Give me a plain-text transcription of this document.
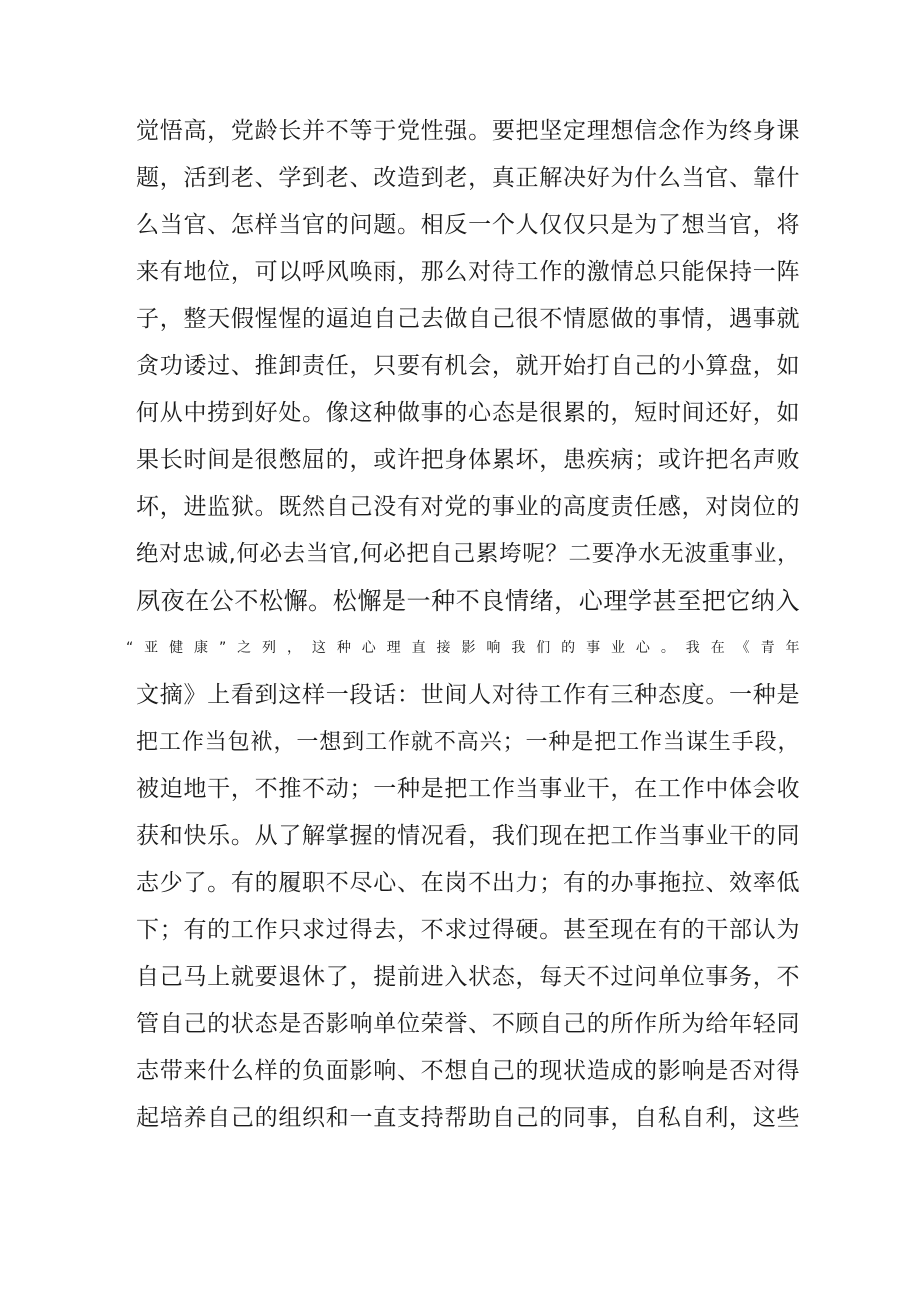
觉悟高，党龄长并不等于党性强。要把坚定理想信念作为终身课
题，活到老、学到老、改造到老，真正解决好为什么当官、靠什
么当官、怎样当官的问题。相反一个人仅仅只是为了想当官，将
来有地位，可以呼风唤雨，那么对待工作的激情总只能保持一阵
子，整天假惺惺的逼迫自己去做自己很不情愿做的事情，遇事就
贪功诿过、推卸责任，只要有机会，就开始打自己的小算盘，如
何从中捞到好处。像这种做事的心态是很累的，短时间还好，如
果长时间是很憋屈的，或许把身体累坏，患疾病；或许把名声败
坏，进监狱。既然自己没有对党的事业的高度责任感，对岗位的
绝对忠诚,何必去当官,何必把自己累垮呢？二要净水无波重事业，
夙夜在公不松懈。松懈是一种不良情绪，心理学甚至把它纳入
“亚健康”之列，这种心理直接影响我们的事业心。我在《青年
文摘》上看到这样一段话：世间人对待工作有三种态度。一种是
把工作当包袱，一想到工作就不高兴；一种是把工作当谋生手段，
被迫地干，不推不动；一种是把工作当事业干，在工作中体会收
获和快乐。从了解掌握的情况看，我们现在把工作当事业干的同
志少了。有的履职不尽心、在岗不出力；有的办事拖拉、效率低
下；有的工作只求过得去，不求过得硬。甚至现在有的干部认为
自己马上就要退休了，提前进入状态，每天不过问单位事务，不
管自己的状态是否影响单位荣誉、不顾自己的所作所为给年轻同
志带来什么样的负面影响、不想自己的现状造成的影响是否对得
起培养自己的组织和一直支持帮助自己的同事，自私自利，这些
